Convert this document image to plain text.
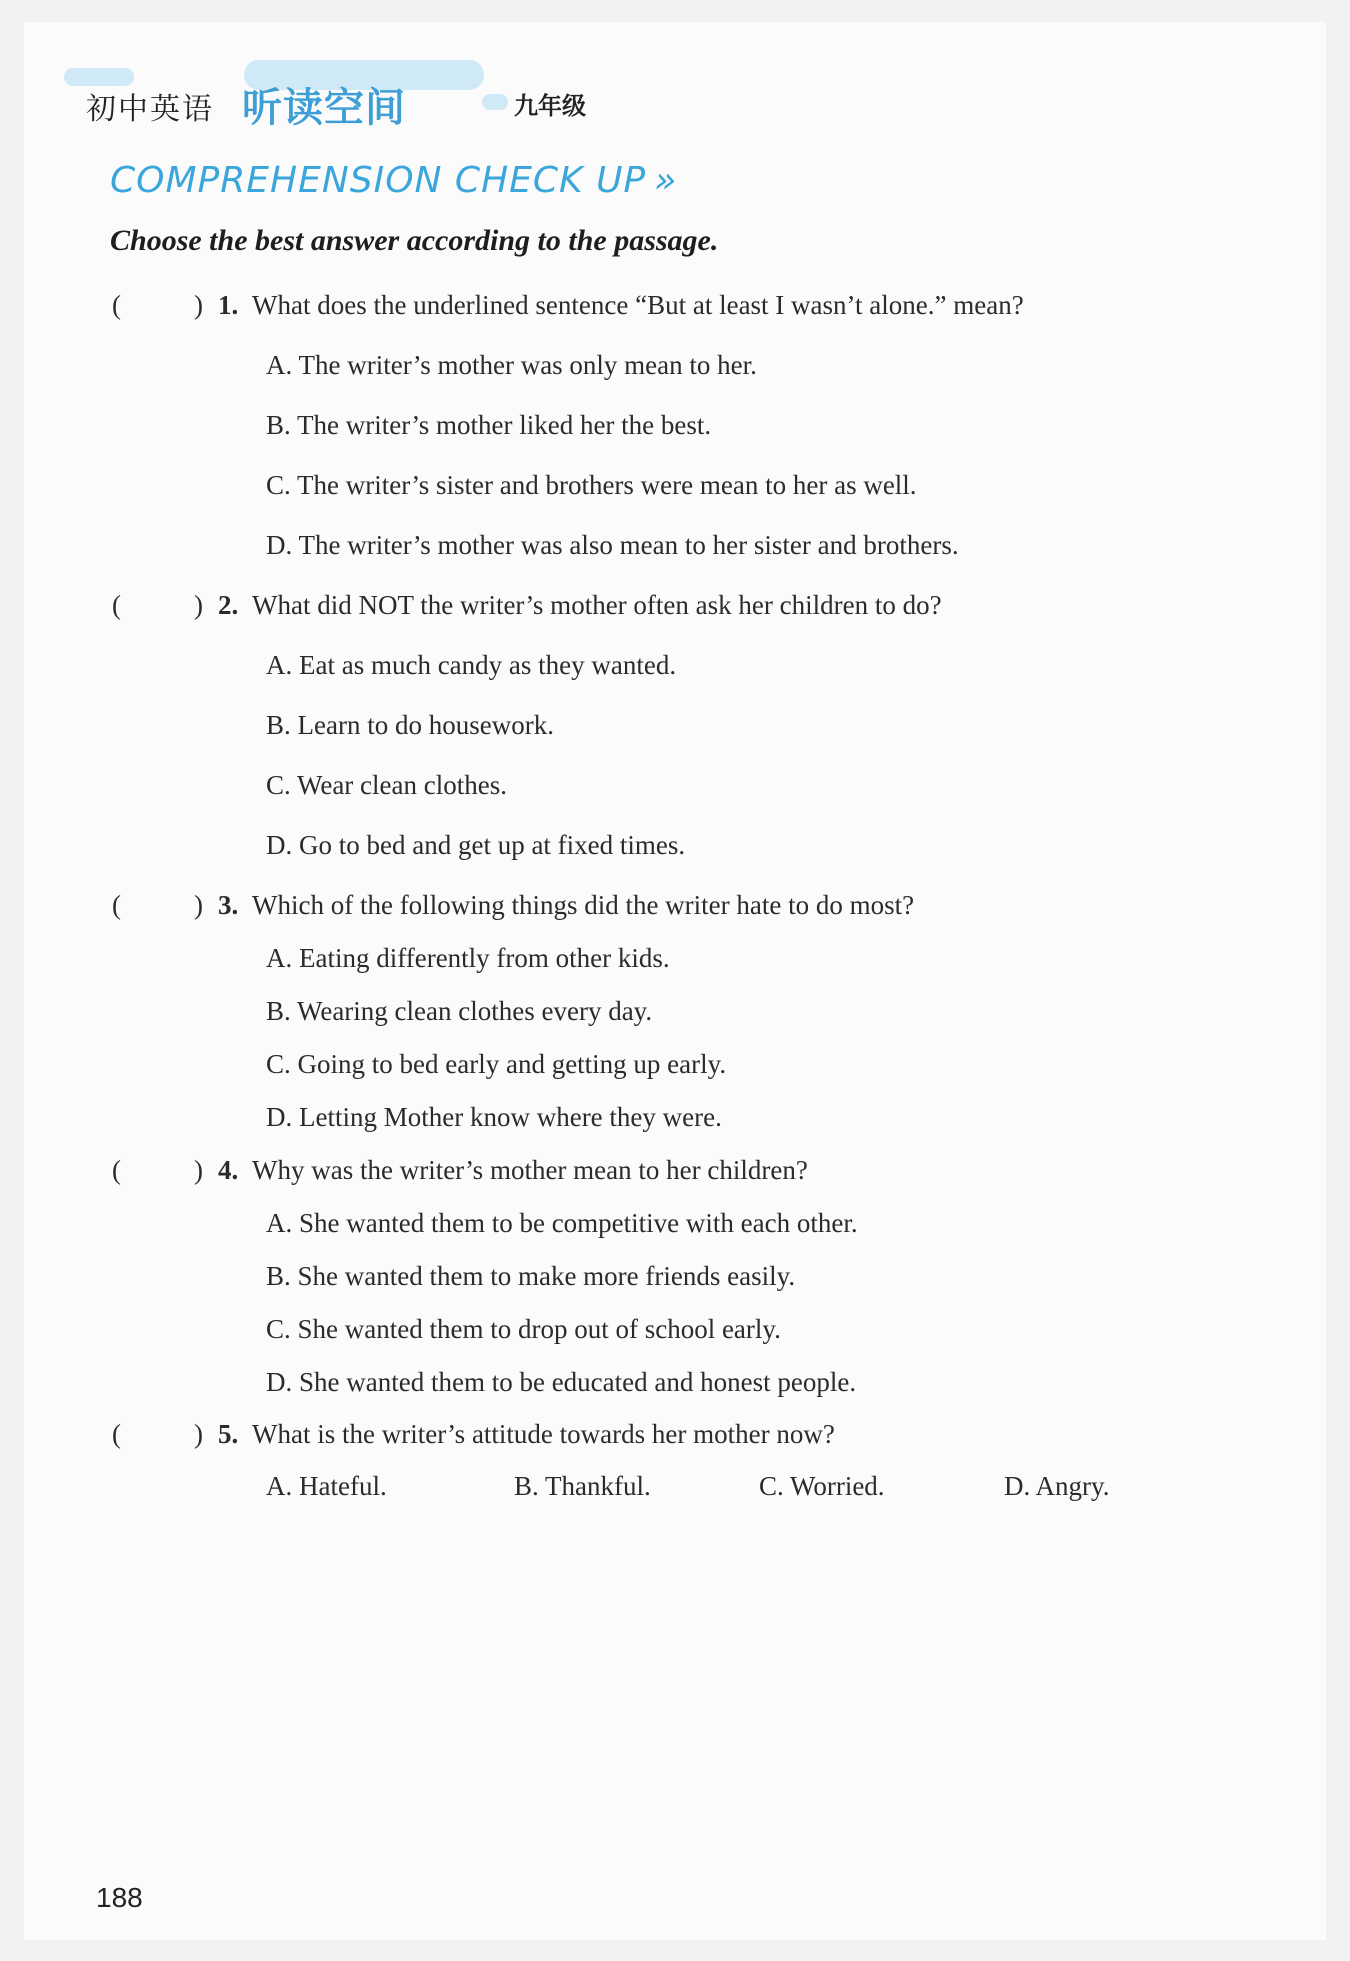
初中英语 听读空间	九年级
COMPREHENSION CHECK UP »
Choose the best answer according to the passage.
(	) 1. What does the underlined sentence “But at least I wasn’t alone.” mean?
A. The writer’s mother was only mean to her.
B. The writer’s mother liked her the best.
C. The writer’s sister and brothers were mean to her as well.
D. The writer’s mother was also mean to her sister and brothers.
(	) 2. What did NOT the writer’s mother often ask her children to do?
A. Eat as much candy as they wanted.
B. Learn to do housework.
C. Wear clean clothes.
D. Go to bed and get up at fixed times.
(	) 3. Which of the following things did the writer hate to do most?
A. Eating differently from other kids.
B. Wearing clean clothes every day.
C. Going to bed early and getting up early.
D. Letting Mother know where they were.
(	) 4. Why was the writer’s mother mean to her children?
A. She wanted them to be competitive with each other.
B. She wanted them to make more friends easily.
C. She wanted them to drop out of school early.
D. She wanted them to be educated and honest people.
(	) 5. What is the writer’s attitude towards her mother now?
A. Hateful.	B. Thankful.	C. Worried.	D. Angry.
188
